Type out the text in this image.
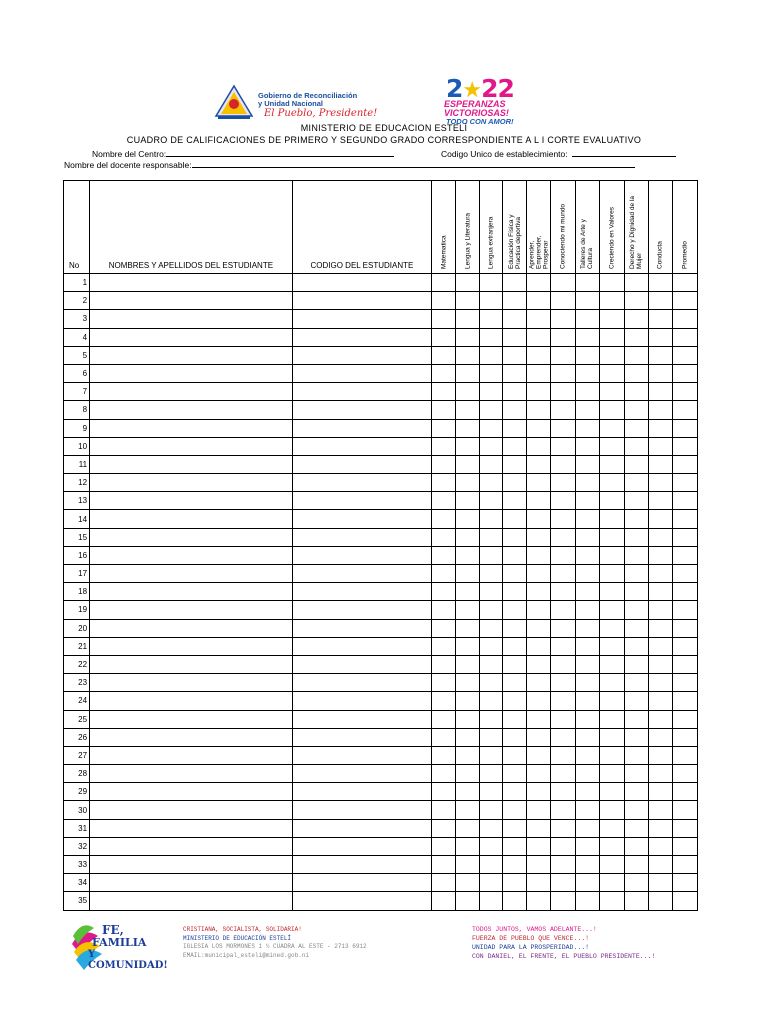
Gobierno de Reconciliación
y Unidad Nacional
El Pueblo, Presidente!
2★22
ESPERANZAS
VICTORIOSAS!
TODO CON AMOR!
MINISTERIO DE EDUCACION ESTELÍ
CUADRO DE CALIFICACIONES DE PRIMERO Y SEGUNDO GRADO CORRESPONDIENTE A L I CORTE EVALUATIVO
Nombre del Centro:	Codigo Unico de establecimiento:
Nombre del docente responsable:
No	NOMBRES Y APELLIDOS DEL ESTUDIANTE	CODIGO DEL ESTUDIANTE	Matematica	Lengua y Literatura	Lengua extranjera	Educación Física y Practica deportiva	Aprender, Emprender, Prosperar	Conociendo mi mundo	Talleres de Arte y Cultura	Creciendo en Valores	Derecho y Dignidad de la Mujer	Conducta	Promedio

1													
2													
3													
4													
5													
6													
7													
8													
9													
10													
11													
12													
13													
14													
15													
16													
17													
18													
19													
20													
21													
22													
23													
24													
25													
26													
27													
28													
29													
30													
31													
32													
33													
34													
35													
FE,
FAMILIA
Y COMUNIDAD!
CRISTIANA, SOCIALISTA, SOLIDARIA!
MINISTERIO DE EDUCACIÓN ESTELÍ
IGLESIA LOS MORMONES 1 ½ CUADRA AL ESTE - 2713 6912
EMAIL:municipal_esteli@mined.gob.ni
TODOS JUNTOS, VAMOS ADELANTE...!
FUERZA DE PUEBLO QUE VENCE...!
UNIDAD PARA LA PROSPERIDAD...!
CON DANIEL, EL FRENTE, EL PUEBLO PRESIDENTE...!
